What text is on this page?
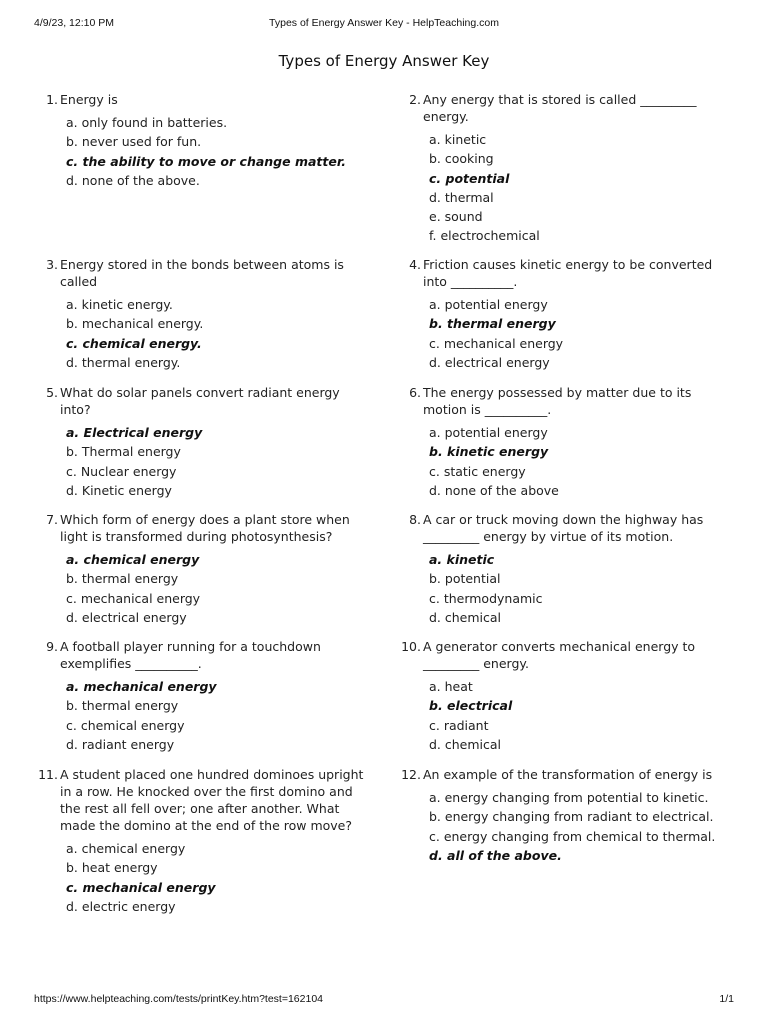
4/9/23, 12:10 PM	Types of Energy Answer Key - HelpTeaching.com
Types of Energy Answer Key
1. Energy is
a. only found in batteries.
b. never used for fun.
c. the ability to move or change matter.
d. none of the above.
2. Any energy that is stored is called _________ energy.
a. kinetic
b. cooking
c. potential
d. thermal
e. sound
f. electrochemical
3. Energy stored in the bonds between atoms is called
a. kinetic energy.
b. mechanical energy.
c. chemical energy.
d. thermal energy.
4. Friction causes kinetic energy to be converted into __________.
a. potential energy
b. thermal energy
c. mechanical energy
d. electrical energy
5. What do solar panels convert radiant energy into?
a. Electrical energy
b. Thermal energy
c. Nuclear energy
d. Kinetic energy
6. The energy possessed by matter due to its motion is __________.
a. potential energy
b. kinetic energy
c. static energy
d. none of the above
7. Which form of energy does a plant store when light is transformed during photosynthesis?
a. chemical energy
b. thermal energy
c. mechanical energy
d. electrical energy
8. A car or truck moving down the highway has _________ energy by virtue of its motion.
a. kinetic
b. potential
c. thermodynamic
d. chemical
9. A football player running for a touchdown exemplifies __________.
a. mechanical energy
b. thermal energy
c. chemical energy
d. radiant energy
10. A generator converts mechanical energy to _________ energy.
a. heat
b. electrical
c. radiant
d. chemical
11. A student placed one hundred dominoes upright in a row. He knocked over the first domino and the rest all fell over; one after another. What made the domino at the end of the row move?
a. chemical energy
b. heat energy
c. mechanical energy
d. electric energy
12. An example of the transformation of energy is
a. energy changing from potential to kinetic.
b. energy changing from radiant to electrical.
c. energy changing from chemical to thermal.
d. all of the above.
https://www.helpteaching.com/tests/printKey.htm?test=162104	1/1
